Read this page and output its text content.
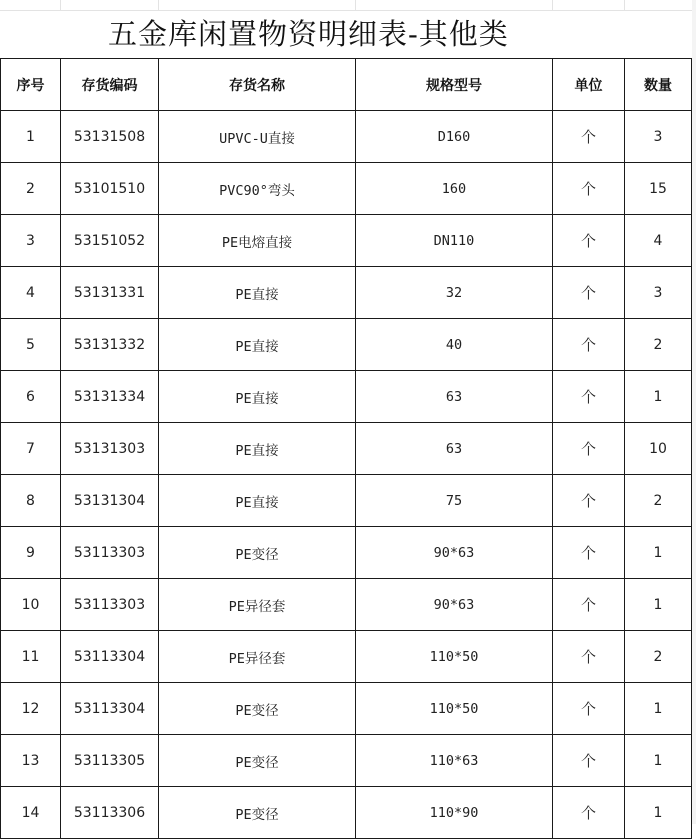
五金库闲置物资明细表-其他类
序号	存货编码	存货名称	规格型号	单位	数量
1	53131508	UPVC-U直接	D160	个	3
2	53101510	PVC90°弯头	160	个	15
3	53151052	PE电熔直接	DN110	个	4
4	53131331	PE直接	32	个	3
5	53131332	PE直接	40	个	2
6	53131334	PE直接	63	个	1
7	53131303	PE直接	63	个	10
8	53131304	PE直接	75	个	2
9	53113303	PE变径	90*63	个	1
10	53113303	PE异径套	90*63	个	1
11	53113304	PE异径套	110*50	个	2
12	53113304	PE变径	110*50	个	1
13	53113305	PE变径	110*63	个	1
14	53113306	PE变径	110*90	个	1
